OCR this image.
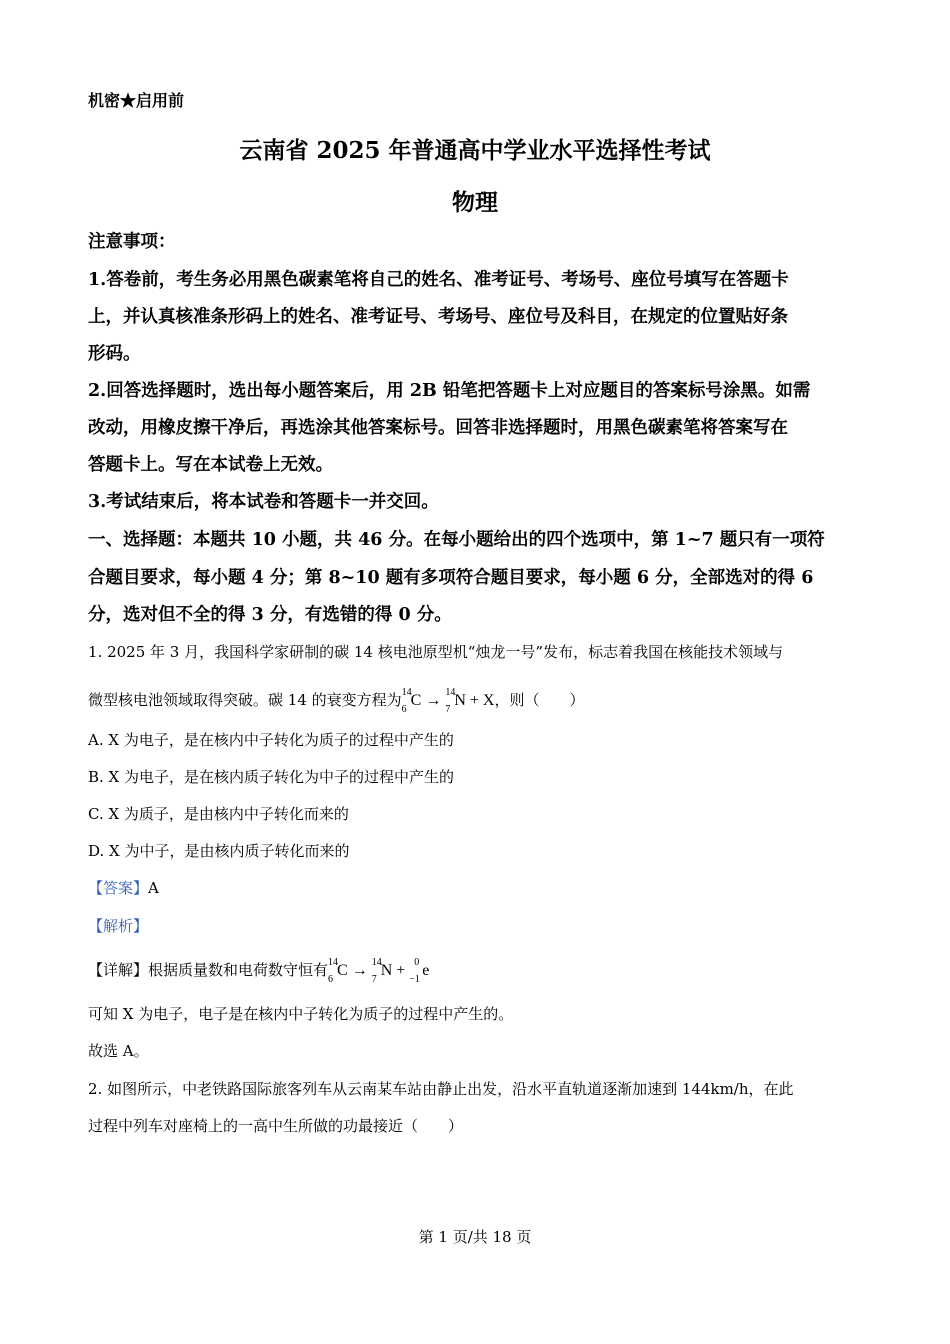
机密★启用前
云南省 2025 年普通高中学业水平选择性考试
物理
注意事项：
1.答卷前，考生务必用黑色碳素笔将自己的姓名、准考证号、考场号、座位号填写在答题卡
上，并认真核准条形码上的姓名、准考证号、考场号、座位号及科目，在规定的位置贴好条
形码。
2.回答选择题时，选出每小题答案后，用 2B 铅笔把答题卡上对应题目的答案标号涂黑。如需
改动，用橡皮擦干净后，再选涂其他答案标号。回答非选择题时，用黑色碳素笔将答案写在
答题卡上。写在本试卷上无效。
3.考试结束后，将本试卷和答题卡一并交回。
一、选择题：本题共 10 小题，共 46 分。在每小题给出的四个选项中，第 1~7 题只有一项符
合题目要求，每小题 4 分；第 8~10 题有多项符合题目要求，每小题 6 分，全部选对的得 6
分，选对但不全的得 3 分，有选错的得 0 分。
1. 2025 年 3 月，我国科学家研制的碳 14 核电池原型机“烛龙一号”发布，标志着我国在核能技术领域与
微型核电池领域取得突破。碳 14 的衰变方程为 14
6
C → 14
7
N + X，则（　　）
A. X 为电子，是在核内中子转化为质子的过程中产生的
B. X 为电子，是在核内质子转化为中子的过程中产生的
C. X 为质子，是由核内中子转化而来的
D. X 为中子，是由核内质子转化而来的
【答案】A
【解析】
【详解】根据质量数和电荷数守恒有 14
6
C → 14
7
N + 0
−1
e
可知 X 为电子，电子是在核内中子转化为质子的过程中产生的。
故选 A。
2. 如图所示，中老铁路国际旅客列车从云南某车站由静止出发，沿水平直轨道逐渐加速到 144km/h，在此
过程中列车对座椅上的一高中生所做的功最接近（　　）
第 1 页/共 18 页
